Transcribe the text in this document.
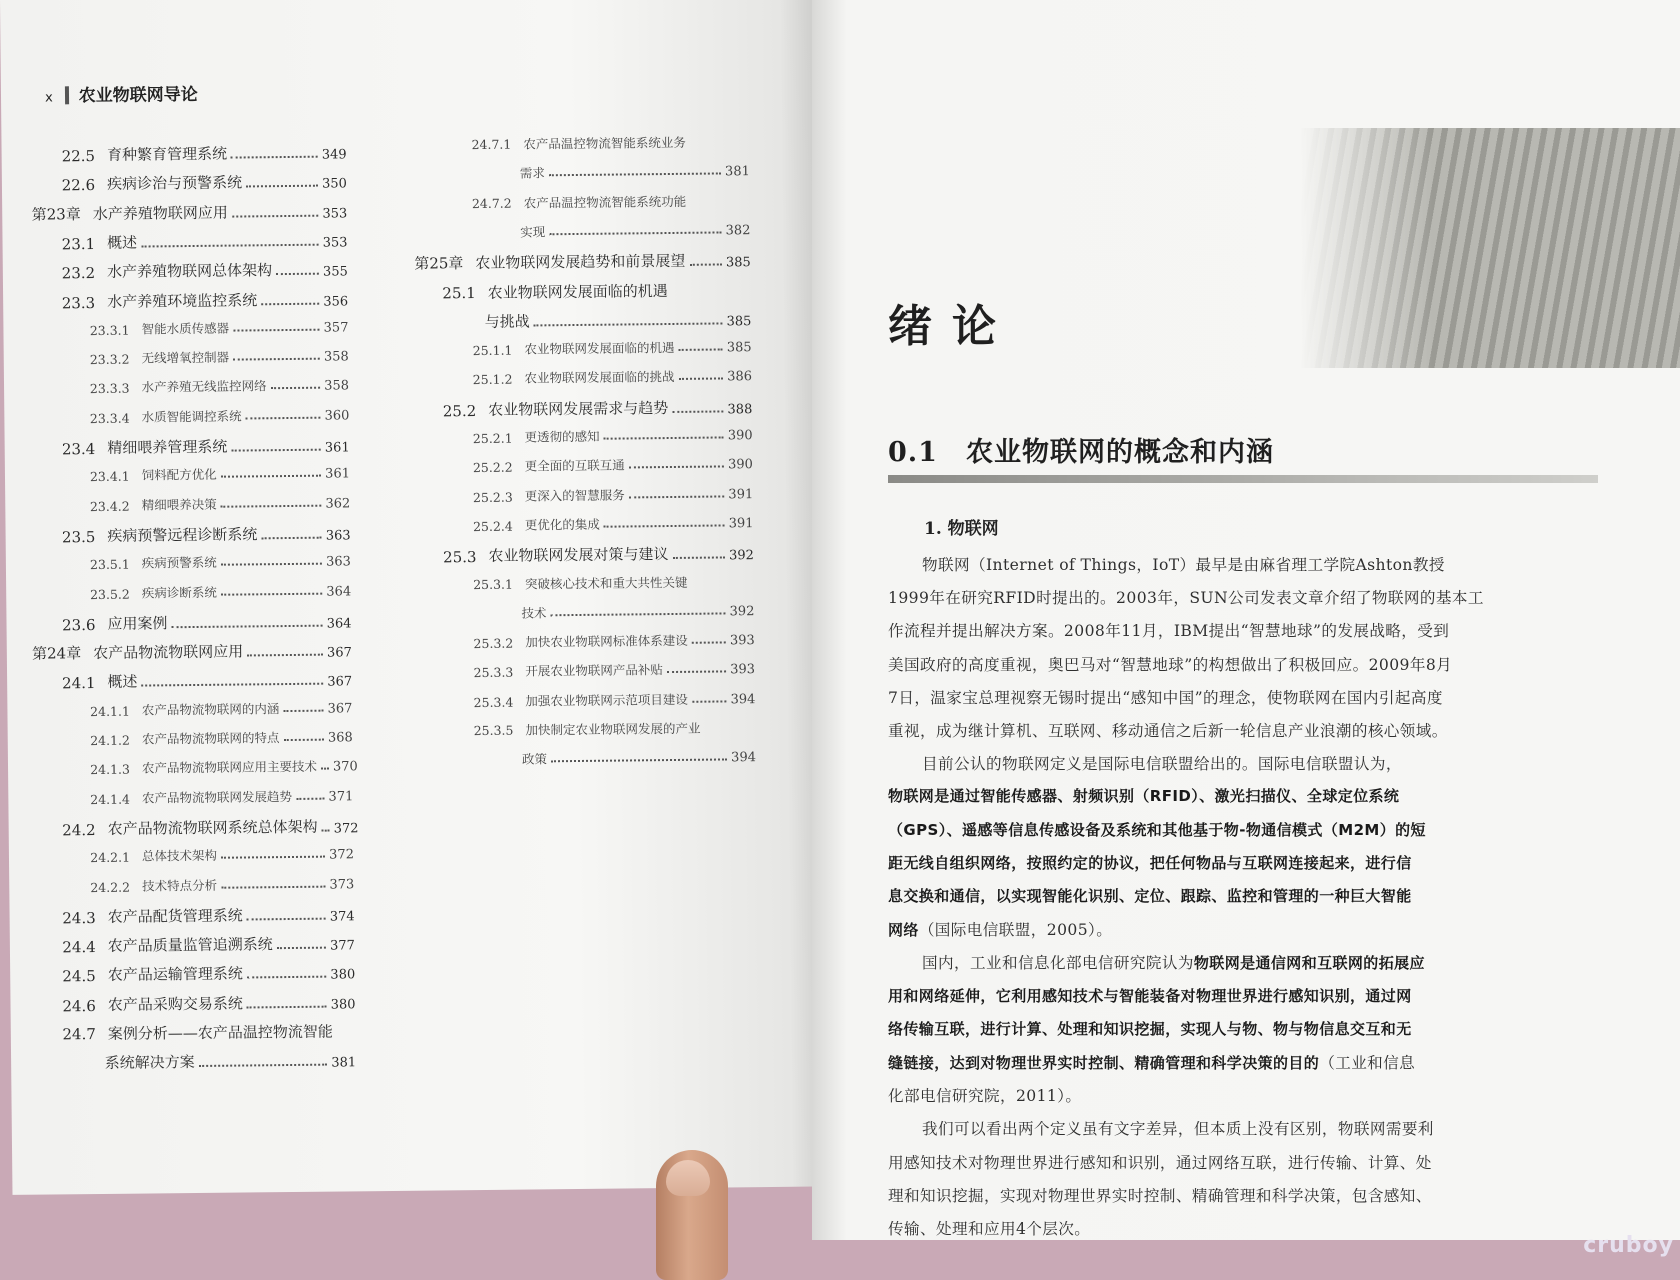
x 农业物联网导论
22.5 育种繁育管理系统	349
22.6 疾病诊治与预警系统	350
第23章 水产养殖物联网应用	353
23.1 概述	353
23.2 水产养殖物联网总体架构	355
23.3 水产养殖环境监控系统	356
23.3.1 智能水质传感器	357
23.3.2 无线增氧控制器	358
23.3.3 水产养殖无线监控网络	358
23.3.4 水质智能调控系统	360
23.4 精细喂养管理系统	361
23.4.1 饲料配方优化	361
23.4.2 精细喂养决策	362
23.5 疾病预警远程诊断系统	363
23.5.1 疾病预警系统	363
23.5.2 疾病诊断系统	364
23.6 应用案例	364
第24章 农产品物流物联网应用	367
24.1 概述	367
24.1.1 农产品物流物联网的内涵	367
24.1.2 农产品物流物联网的特点	368
24.1.3 农产品物流物联网应用主要技术 370
24.1.4 农产品物流物联网发展趋势	371
24.2 农产品物流物联网系统总体架构 372
24.2.1 总体技术架构	372
24.2.2 技术特点分析	373
24.3 农产品配货管理系统	374
24.4 农产品质量监管追溯系统	377
24.5 农产品运输管理系统	380
24.6 农产品采购交易系统	380
24.7 案例分析——农产品温控物流智能
系统解决方案	381
24.7.1 农产品温控物流智能系统业务
需求	381
24.7.2 农产品温控物流智能系统功能
实现	382
第25章 农业物联网发展趋势和前景展望	385
25.1 农业物联网发展面临的机遇
与挑战	385
25.1.1 农业物联网发展面临的机遇	385
25.1.2 农业物联网发展面临的挑战	386
25.2 农业物联网发展需求与趋势	388
25.2.1 更透彻的感知	390
25.2.2 更全面的互联互通	390
25.2.3 更深入的智慧服务	391
25.2.4 更优化的集成	391
25.3 农业物联网发展对策与建议	392
25.3.1 突破核心技术和重大共性关键
技术	392
25.3.2 加快农业物联网标准体系建设	393
25.3.3 开展农业物联网产品补贴	393
25.3.4 加强农业物联网示范项目建设	394
25.3.5 加快制定农业物联网发展的产业
政策	394
绪论
0.1　农业物联网的概念和内涵
1. 物联网
物联网（Internet of Things，IoT）最早是由麻省理工学院Ashton教授
1999年在研究RFID时提出的。2003年，SUN公司发表文章介绍了物联网的基本工
作流程并提出解决方案。2008年11月，IBM提出“智慧地球”的发展战略，受到
美国政府的高度重视，奥巴马对“智慧地球”的构想做出了积极回应。2009年8月
7日，温家宝总理视察无锡时提出“感知中国”的理念，使物联网在国内引起高度
重视，成为继计算机、互联网、移动通信之后新一轮信息产业浪潮的核心领域。
目前公认的物联网定义是国际电信联盟给出的。国际电信联盟认为，
物联网是通过智能传感器、射频识别（RFID）、激光扫描仪、全球定位系统
（GPS）、遥感等信息传感设备及系统和其他基于物-物通信模式（M2M）的短
距无线自组织网络，按照约定的协议，把任何物品与互联网连接起来，进行信
息交换和通信，以实现智能化识别、定位、跟踪、监控和管理的一种巨大智能
网络（国际电信联盟，2005）。
国内，工业和信息化部电信研究院认为物联网是通信网和互联网的拓展应
用和网络延伸，它利用感知技术与智能装备对物理世界进行感知识别，通过网
络传输互联，进行计算、处理和知识挖掘，实现人与物、物与物信息交互和无
缝链接，达到对物理世界实时控制、精确管理和科学决策的目的（工业和信息
化部电信研究院，2011）。
我们可以看出两个定义虽有文字差异，但本质上没有区别，物联网需要利
用感知技术对物理世界进行感知和识别，通过网络互联，进行传输、计算、处
理和知识挖掘，实现对物理世界实时控制、精确管理和科学决策，包含感知、
传输、处理和应用4个层次。
cruboy
